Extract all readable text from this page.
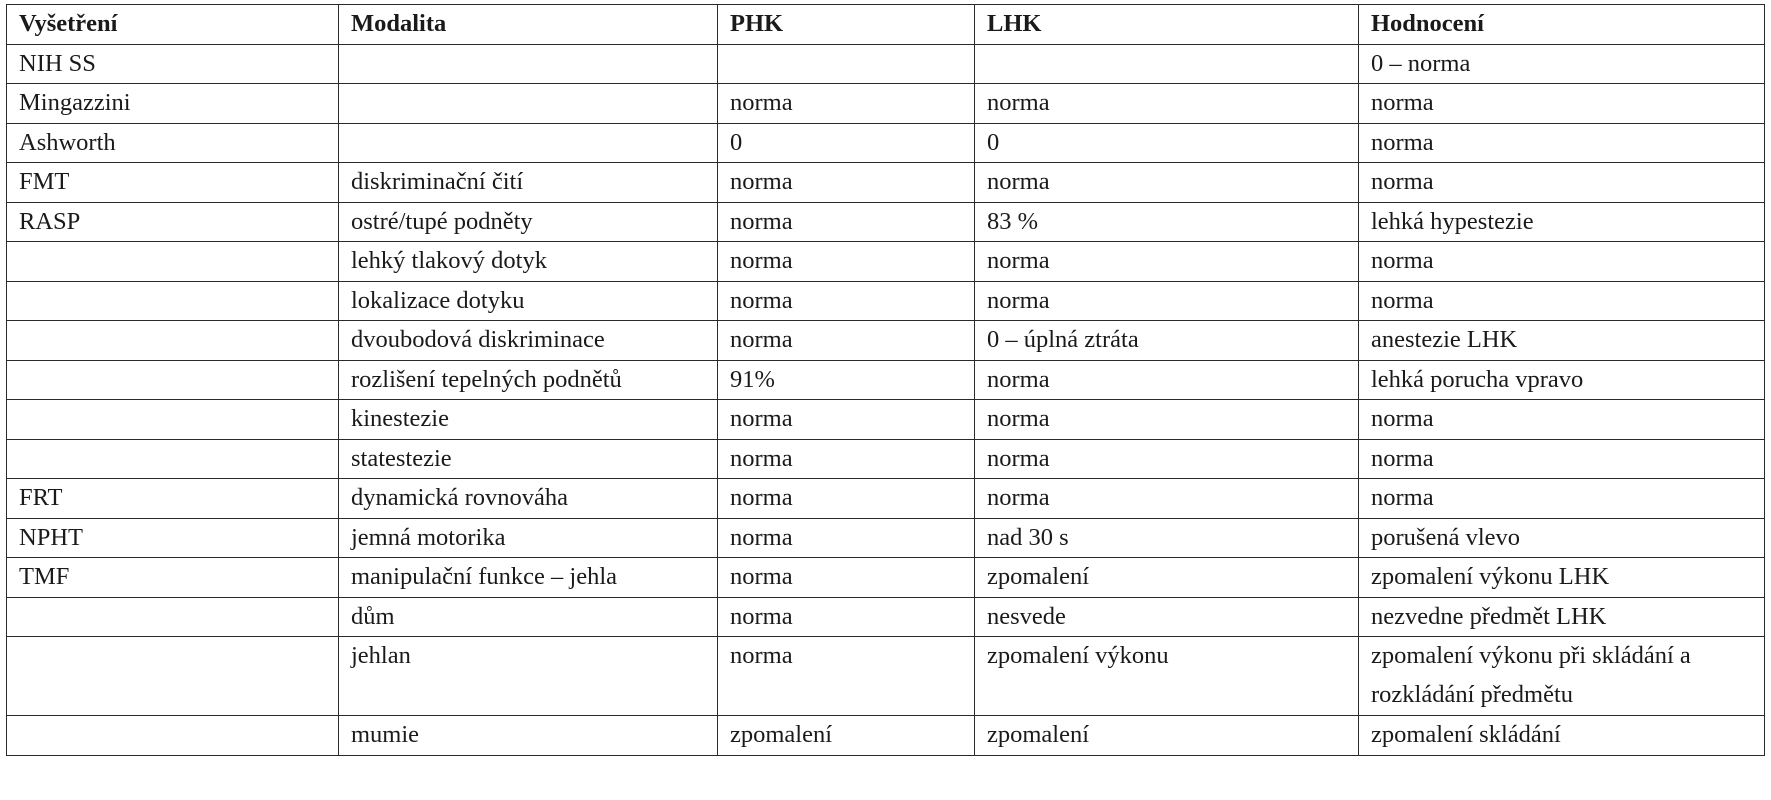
Vyšetření	Modalita	PHK	LHK	Hodnocení
NIH SS				0 – norma
Mingazzini		norma	norma	norma
Ashworth		0	0	norma
FMT	diskriminační čití	norma	norma	norma
RASP	ostré/tupé podněty	norma	83 %	lehká hypestezie
	lehký tlakový dotyk	norma	norma	norma
	lokalizace dotyku	norma	norma	norma
	dvoubodová diskriminace	norma	0 – úplná ztráta	anestezie LHK
	rozlišení tepelných podnětů	91%	norma	lehká porucha vpravo
	kinestezie	norma	norma	norma
	statestezie	norma	norma	norma
FRT	dynamická rovnováha	norma	norma	norma
NPHT	jemná motorika	norma	nad 30 s	porušená vlevo
TMF	manipulační funkce – jehla	norma	zpomalení	zpomalení výkonu LHK
	dům	norma	nesvede	nezvedne předmět LHK
	jehlan	norma	zpomalení výkonu	zpomalení výkonu při skládání a rozkládání předmětu
	mumie	zpomalení	zpomalení	zpomalení skládání
